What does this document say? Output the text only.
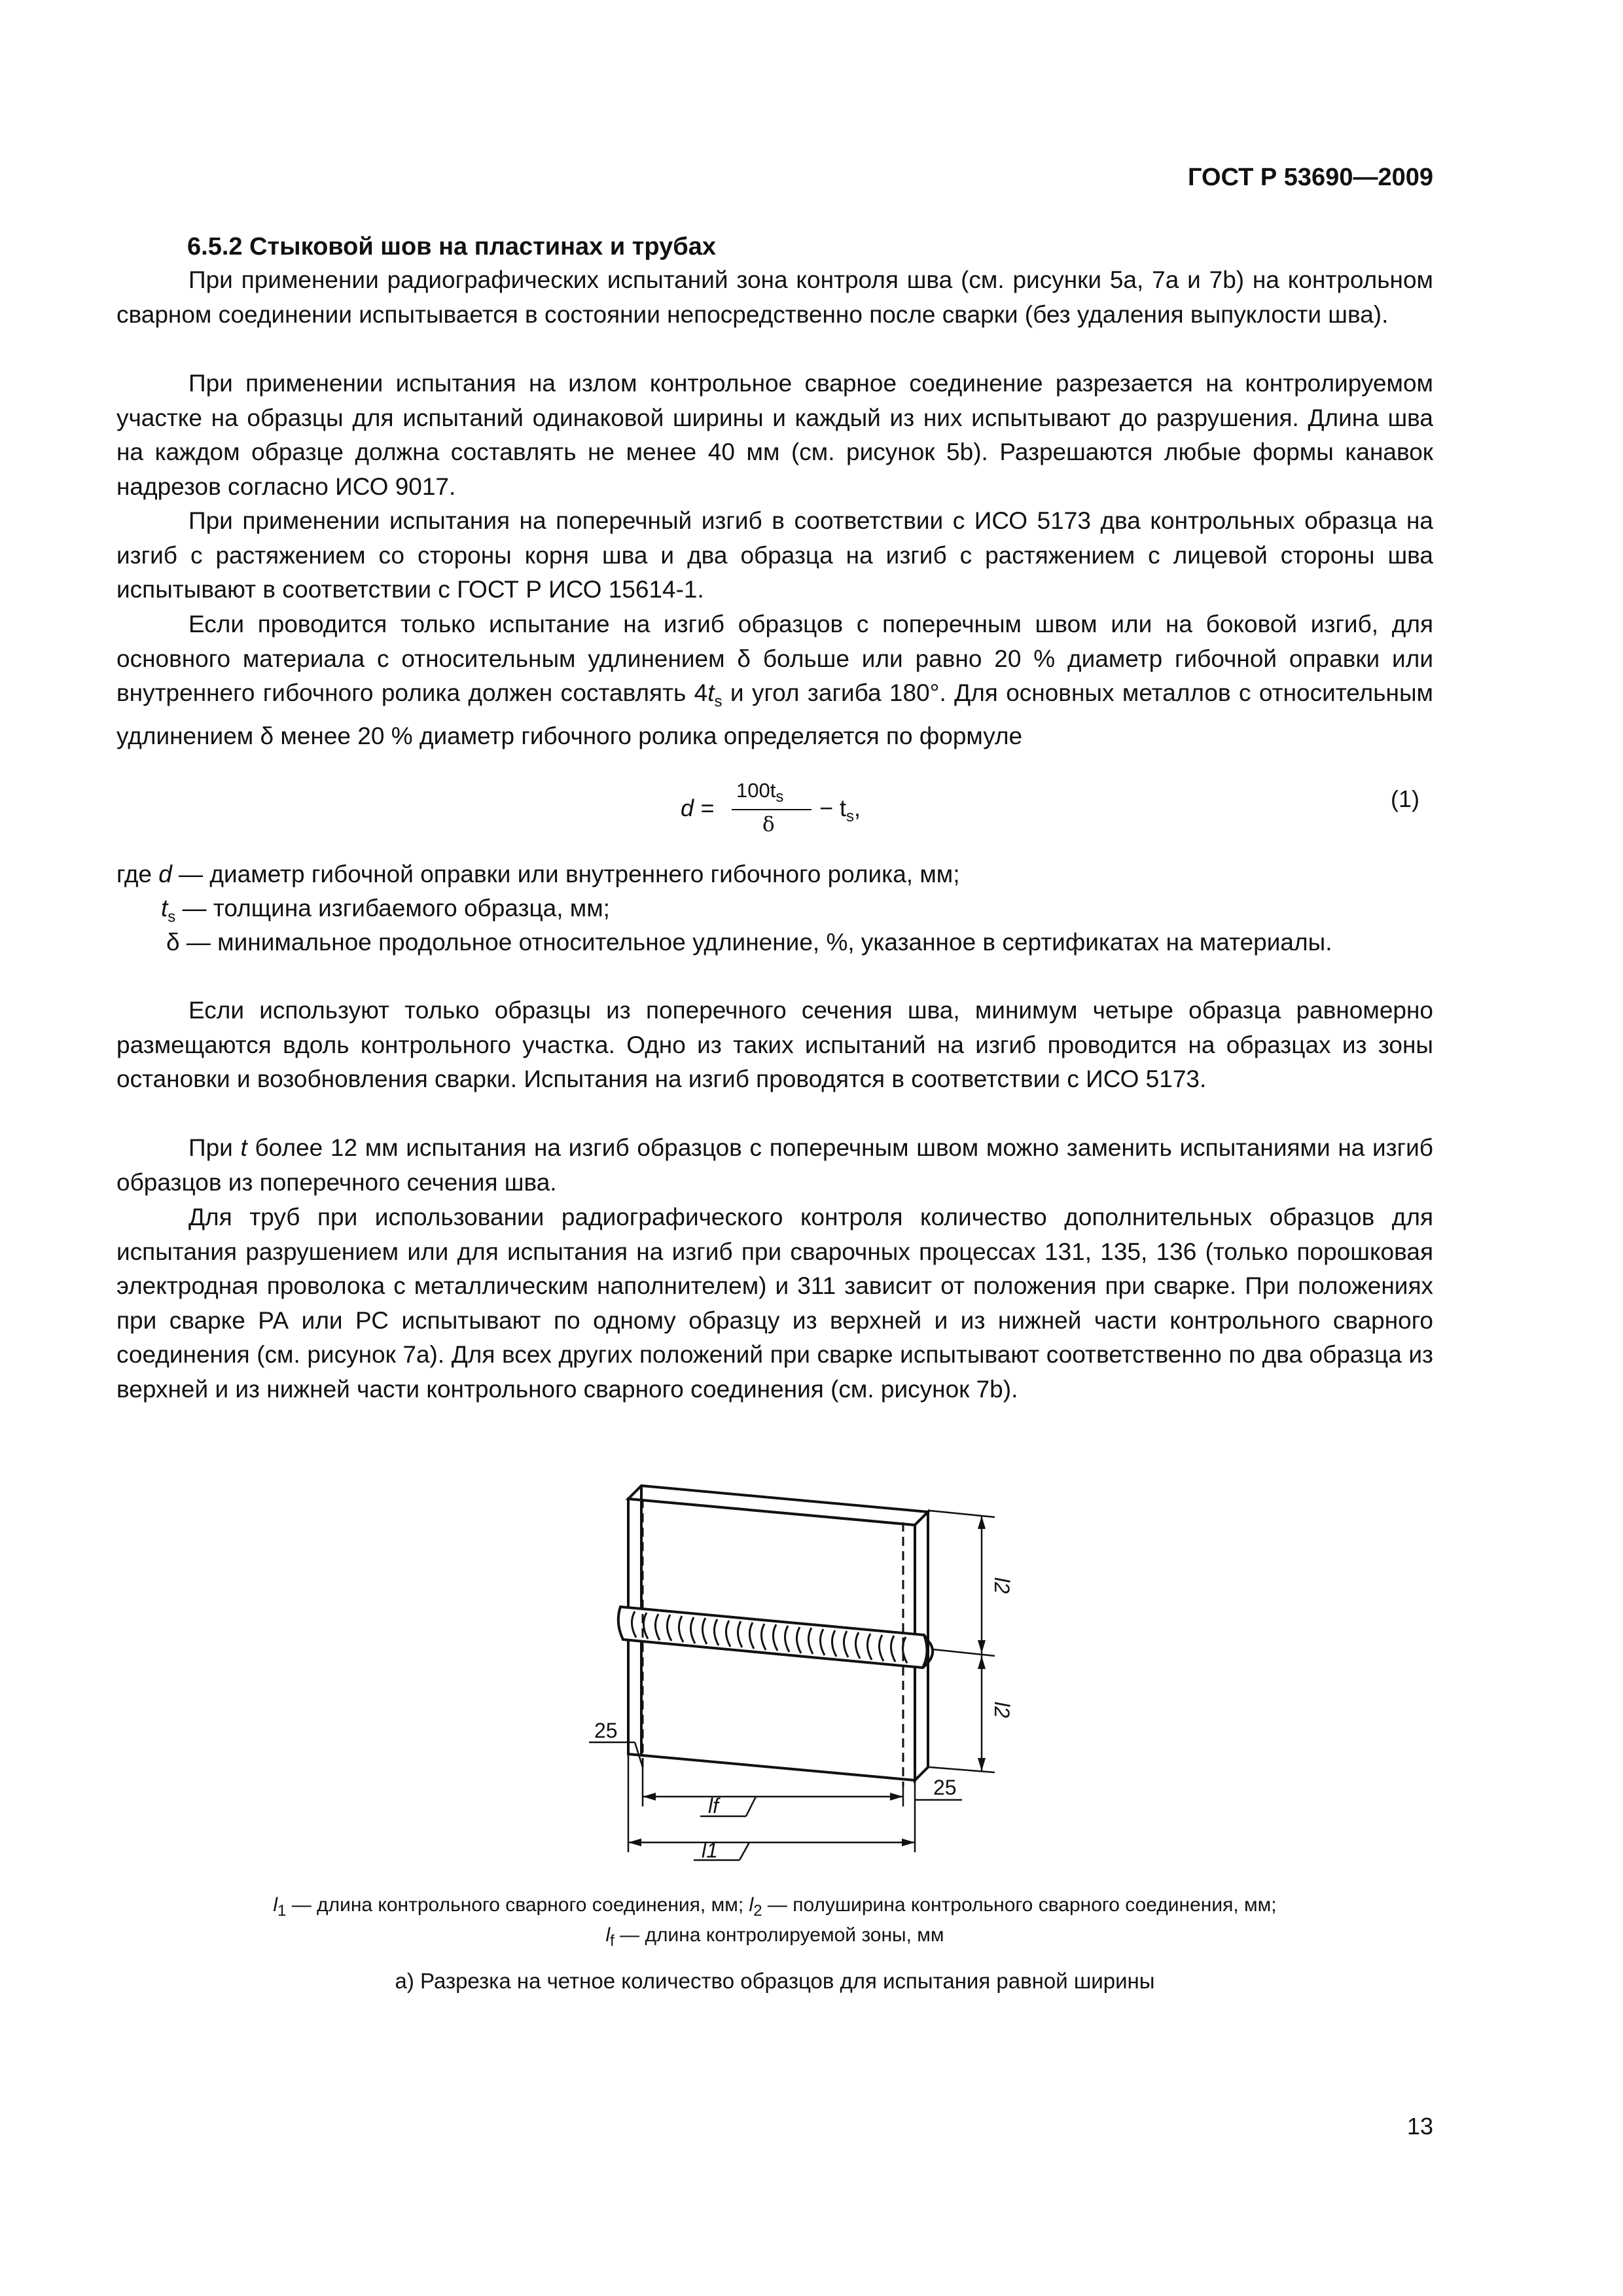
ГОСТ Р 53690—2009
6.5.2 Стыковой шов на пластинах и трубах

При применении радиографических испытаний зона контроля шва (см. рисунки 5а, 7а и 7b) на контрольном сварном соединении испытывается в состоянии непосредственно после сварки (без удаления выпуклости шва).

При применении испытания на излом контрольное сварное соединение разрезается на контролируемом участке на образцы для испытаний одинаковой ширины и каждый из них испытывают до разрушения. Длина шва на каждом образце должна составлять не менее 40 мм (см. рисунок 5b). Разрешаются любые формы канавок надрезов согласно ИСО 9017.

При применении испытания на поперечный изгиб в соответствии с ИСО 5173 два контрольных образца на изгиб с растяжением со стороны корня шва и два образца на изгиб с растяжением с лицевой стороны шва испытывают в соответствии с ГОСТ Р ИСО 15614-1.

Если проводится только испытание на изгиб образцов с поперечным швом или на боковой изгиб, для основного материала с относительным удлинением δ больше или равно 20 % диаметр гибочной оправки или внутреннего гибочного ролика должен составлять $4t_s$ и угол загиба 180°. Для основных металлов с относительным удлинением δ менее 20 % диаметр гибочного ролика определяется по формуле

d =
$100t_s$
δ
− $t_s$,	(1)

где d — диаметр гибочной оправки или внутреннего гибочного ролика, мм;

$t_s$ — толщина изгибаемого образца, мм;

δ — минимальное продольное относительное удлинение, %, указанное в сертификатах на материалы.

Если используют только образцы из поперечного сечения шва, минимум четыре образца равномерно размещаются вдоль контрольного участка. Одно из таких испытаний на изгиб проводится на образцах из зоны остановки и возобновления сварки. Испытания на изгиб проводятся в соответствии с ИСО 5173.

При t более 12 мм испытания на изгиб образцов с поперечным швом можно заменить испытаниями на изгиб образцов из поперечного сечения шва.

Для труб при использовании радиографического контроля количество дополнительных образцов для испытания разрушением или для испытания на изгиб при сварочных процессах 131, 135, 136 (только порошковая электродная проволока с металлическим наполнителем) и 311 зависит от положения при сварке. При положениях при сварке РА или РС испытывают по одному образцу из верхней и из нижней части контрольного сварного соединения (см. рисунок 7а). Для всех других положений при сварке испытывают соответственно по два образца из верхней и из нижней части контрольного сварного соединения (см. рисунок 7b).

25
25
l2
l2
lf
l1

$l_1$ — длина контрольного сварного соединения, мм; $l_2$ — полуширина контрольного сварного соединения, мм;

$l_f$ — длина контролируемой зоны, мм

а) Разрезка на четное количество образцов для испытания равной ширины
13
